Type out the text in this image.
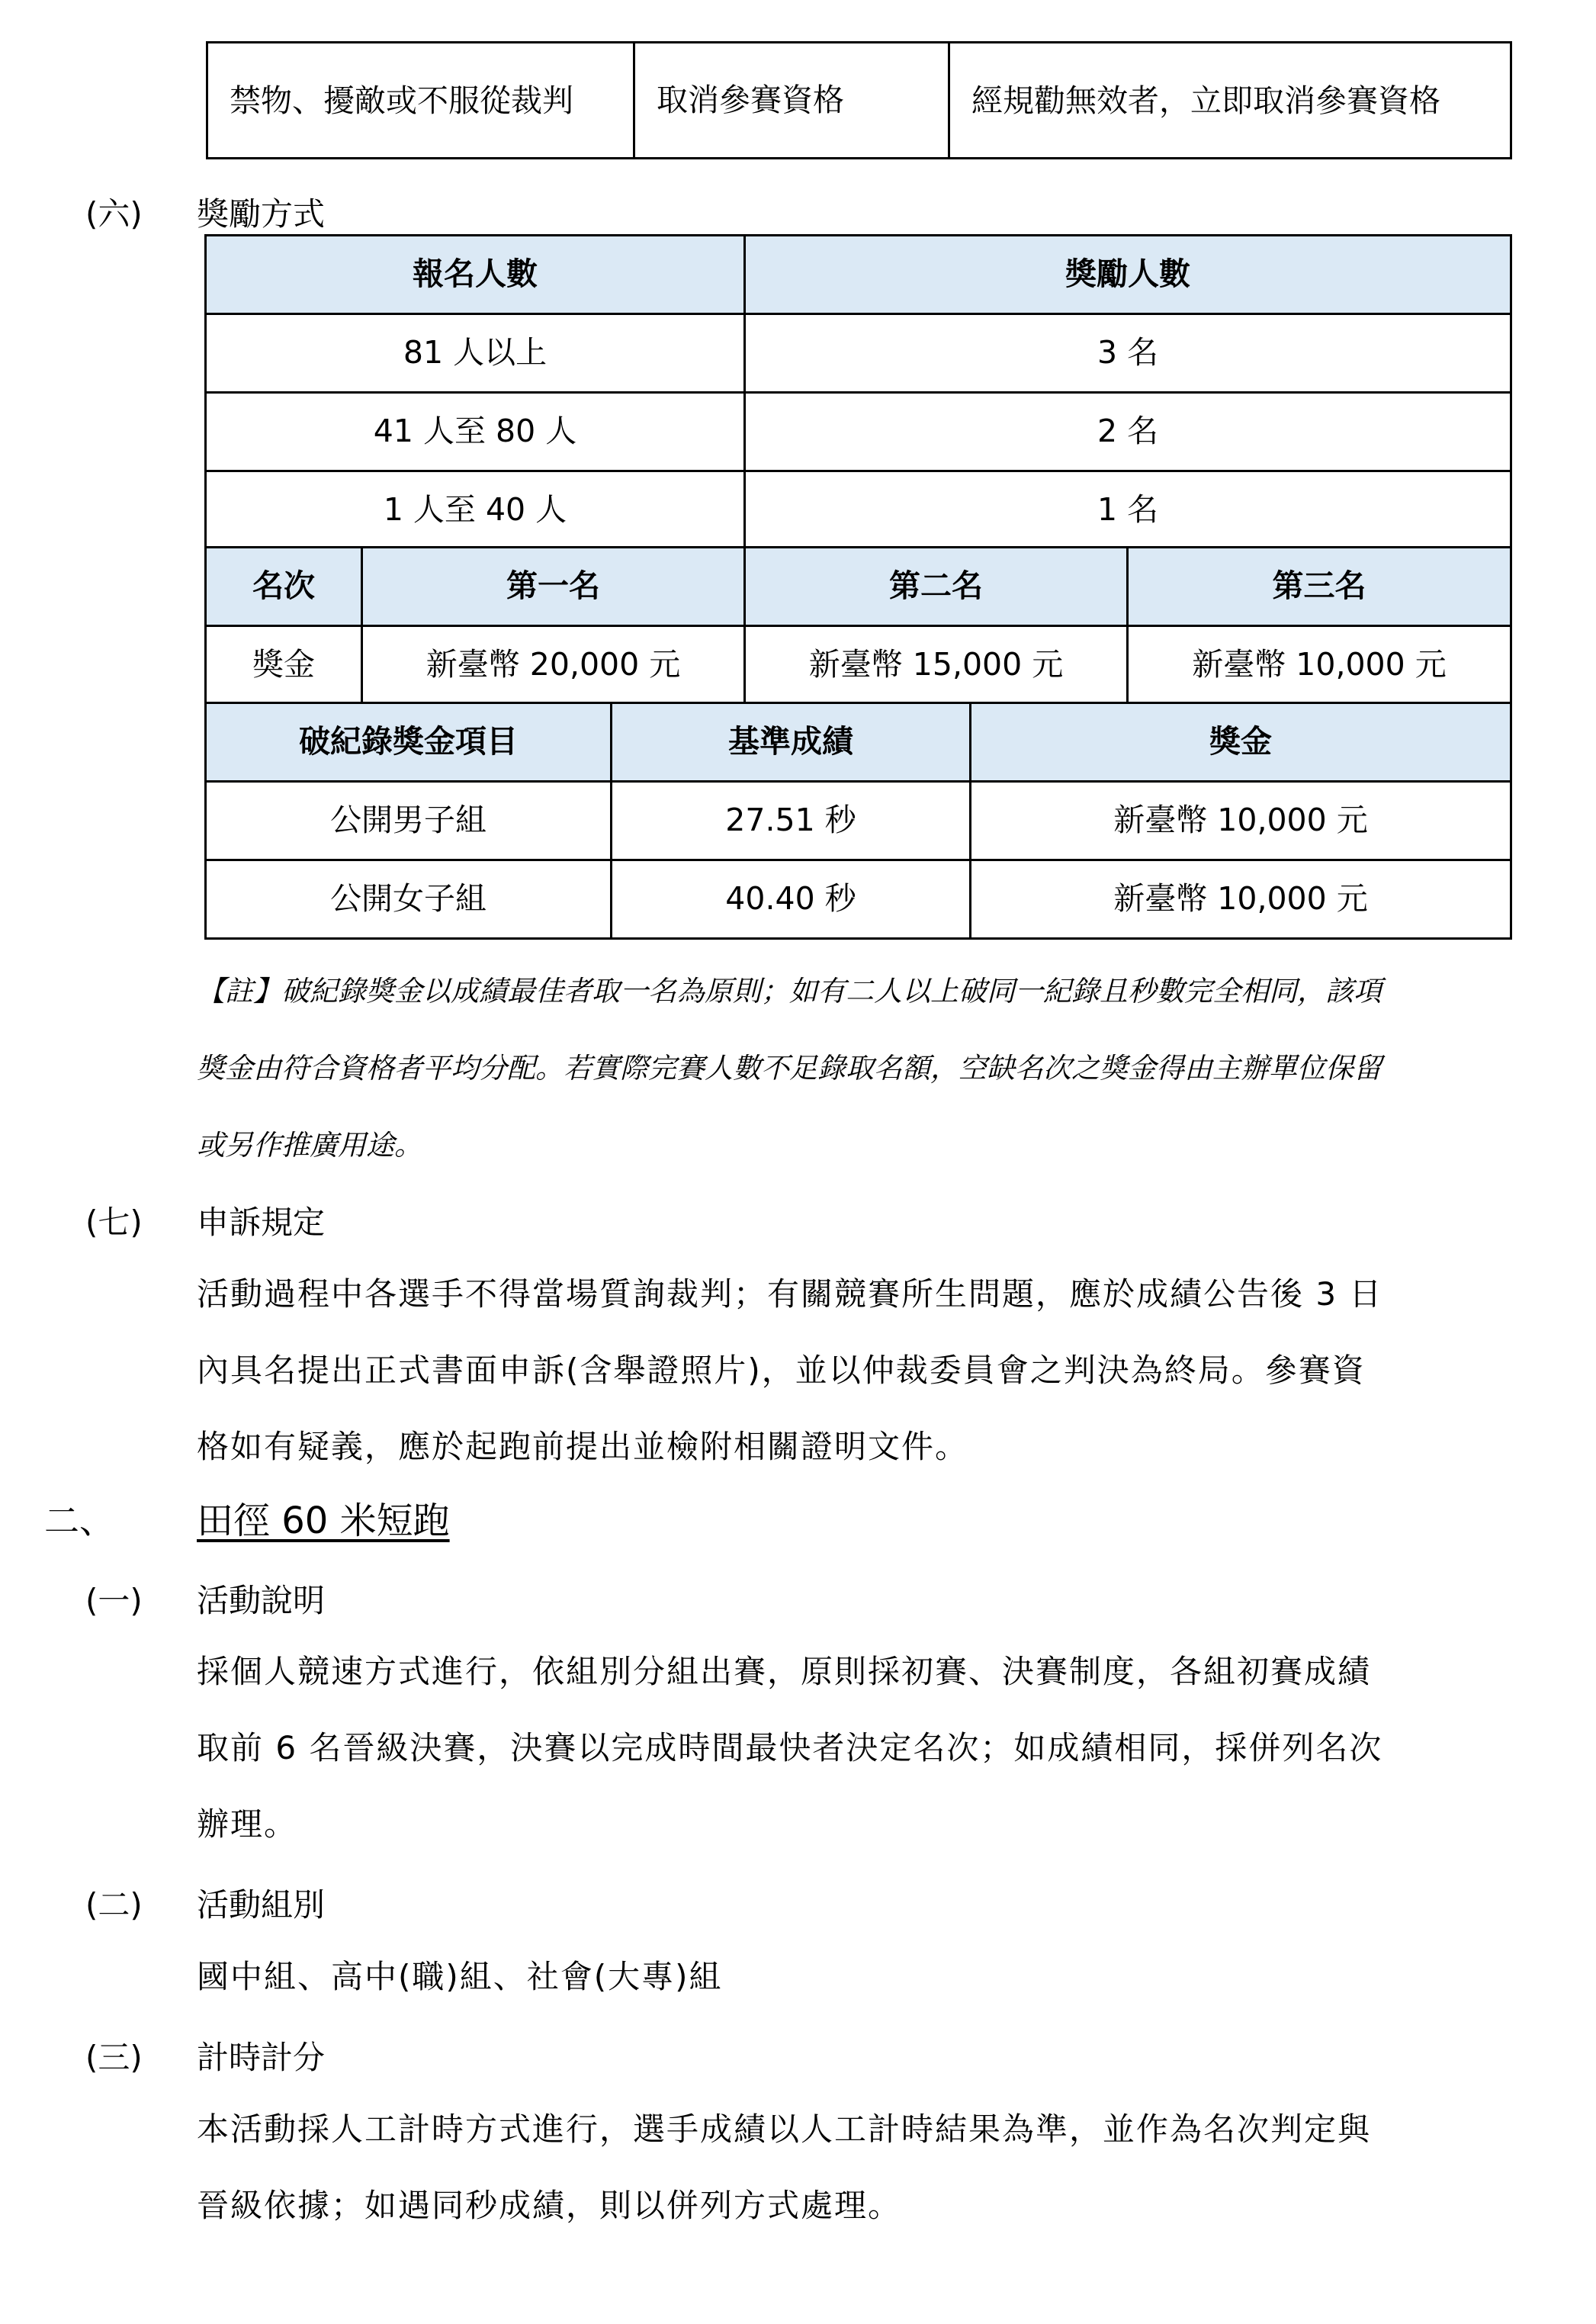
禁物、擾敵或不服從裁判	取消參賽資格	經規勸無效者，立即取消參賽資格
(六) 獎勵方式
報名人數	獎勵人數
81 人以上	3 名
41 人至 80 人	2 名
1 人至 40 人	1 名
名次	第一名	第二名	第三名
獎金	新臺幣 20,000 元	新臺幣 15,000 元	新臺幣 10,000 元
破紀錄獎金項目	基準成績	獎金
公開男子組	27.51 秒	新臺幣 10,000 元
公開女子組	40.40 秒	新臺幣 10,000 元
【註】破紀錄獎金以成績最佳者取一名為原則；如有二人以上破同一紀錄且秒數完全相同，該項
獎金由符合資格者平均分配。若實際完賽人數不足錄取名額，空缺名次之獎金得由主辦單位保留
或另作推廣用途。
(七) 申訴規定
活動過程中各選手不得當場質詢裁判；有關競賽所生問題，應於成績公告後 3 日
內具名提出正式書面申訴(含舉證照片)，並以仲裁委員會之判決為終局。參賽資
格如有疑義，應於起跑前提出並檢附相關證明文件。
二、 田徑 60 米短跑
(一) 活動說明
採個人競速方式進行，依組別分組出賽，原則採初賽、決賽制度，各組初賽成績
取前 6 名晉級決賽，決賽以完成時間最快者決定名次；如成績相同，採併列名次
辦理。
(二) 活動組別
國中組、高中(職)組、社會(大專)組
(三) 計時計分
本活動採人工計時方式進行，選手成績以人工計時結果為準，並作為名次判定與
晉級依據；如遇同秒成績，則以併列方式處理。
